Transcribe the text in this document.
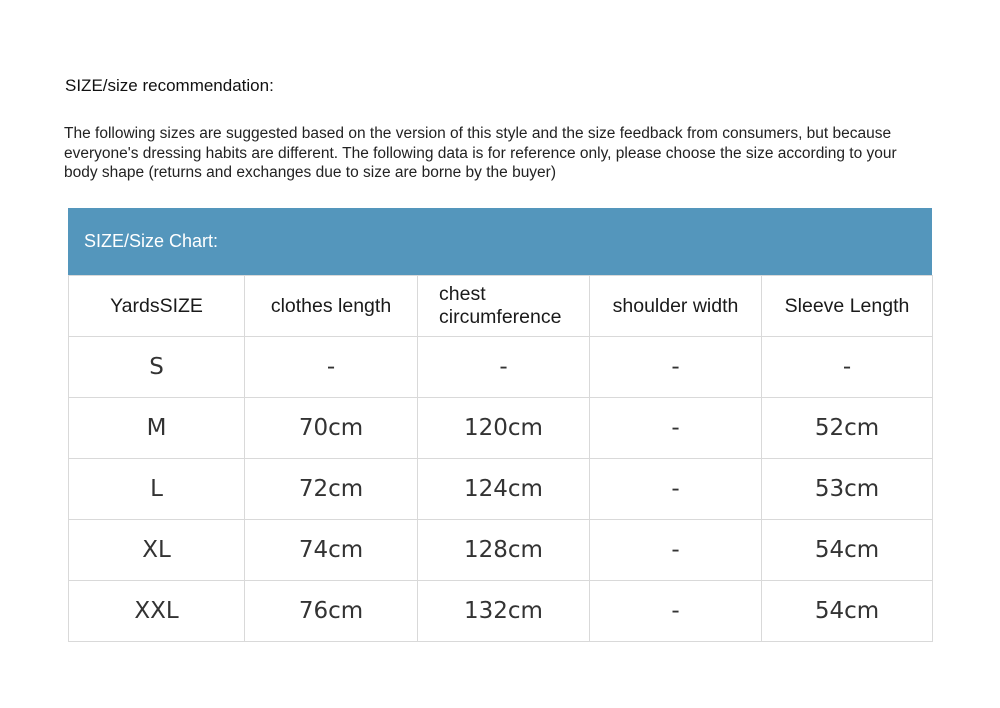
SIZE/size recommendation:
The following sizes are suggested based on the version of this style and the size feedback from consumers, but because everyone's dressing habits are different. The following data is for reference only, please choose the size according to your body shape (returns and exchanges due to size are borne by the buyer)
SIZE/Size Chart:
YardsSIZE	clothes length	chest circumference	shoulder width	Sleeve Length
S	-	-	-	-
M	70cm	120cm	-	52cm
L	72cm	124cm	-	53cm
XL	74cm	128cm	-	54cm
XXL	76cm	132cm	-	54cm
